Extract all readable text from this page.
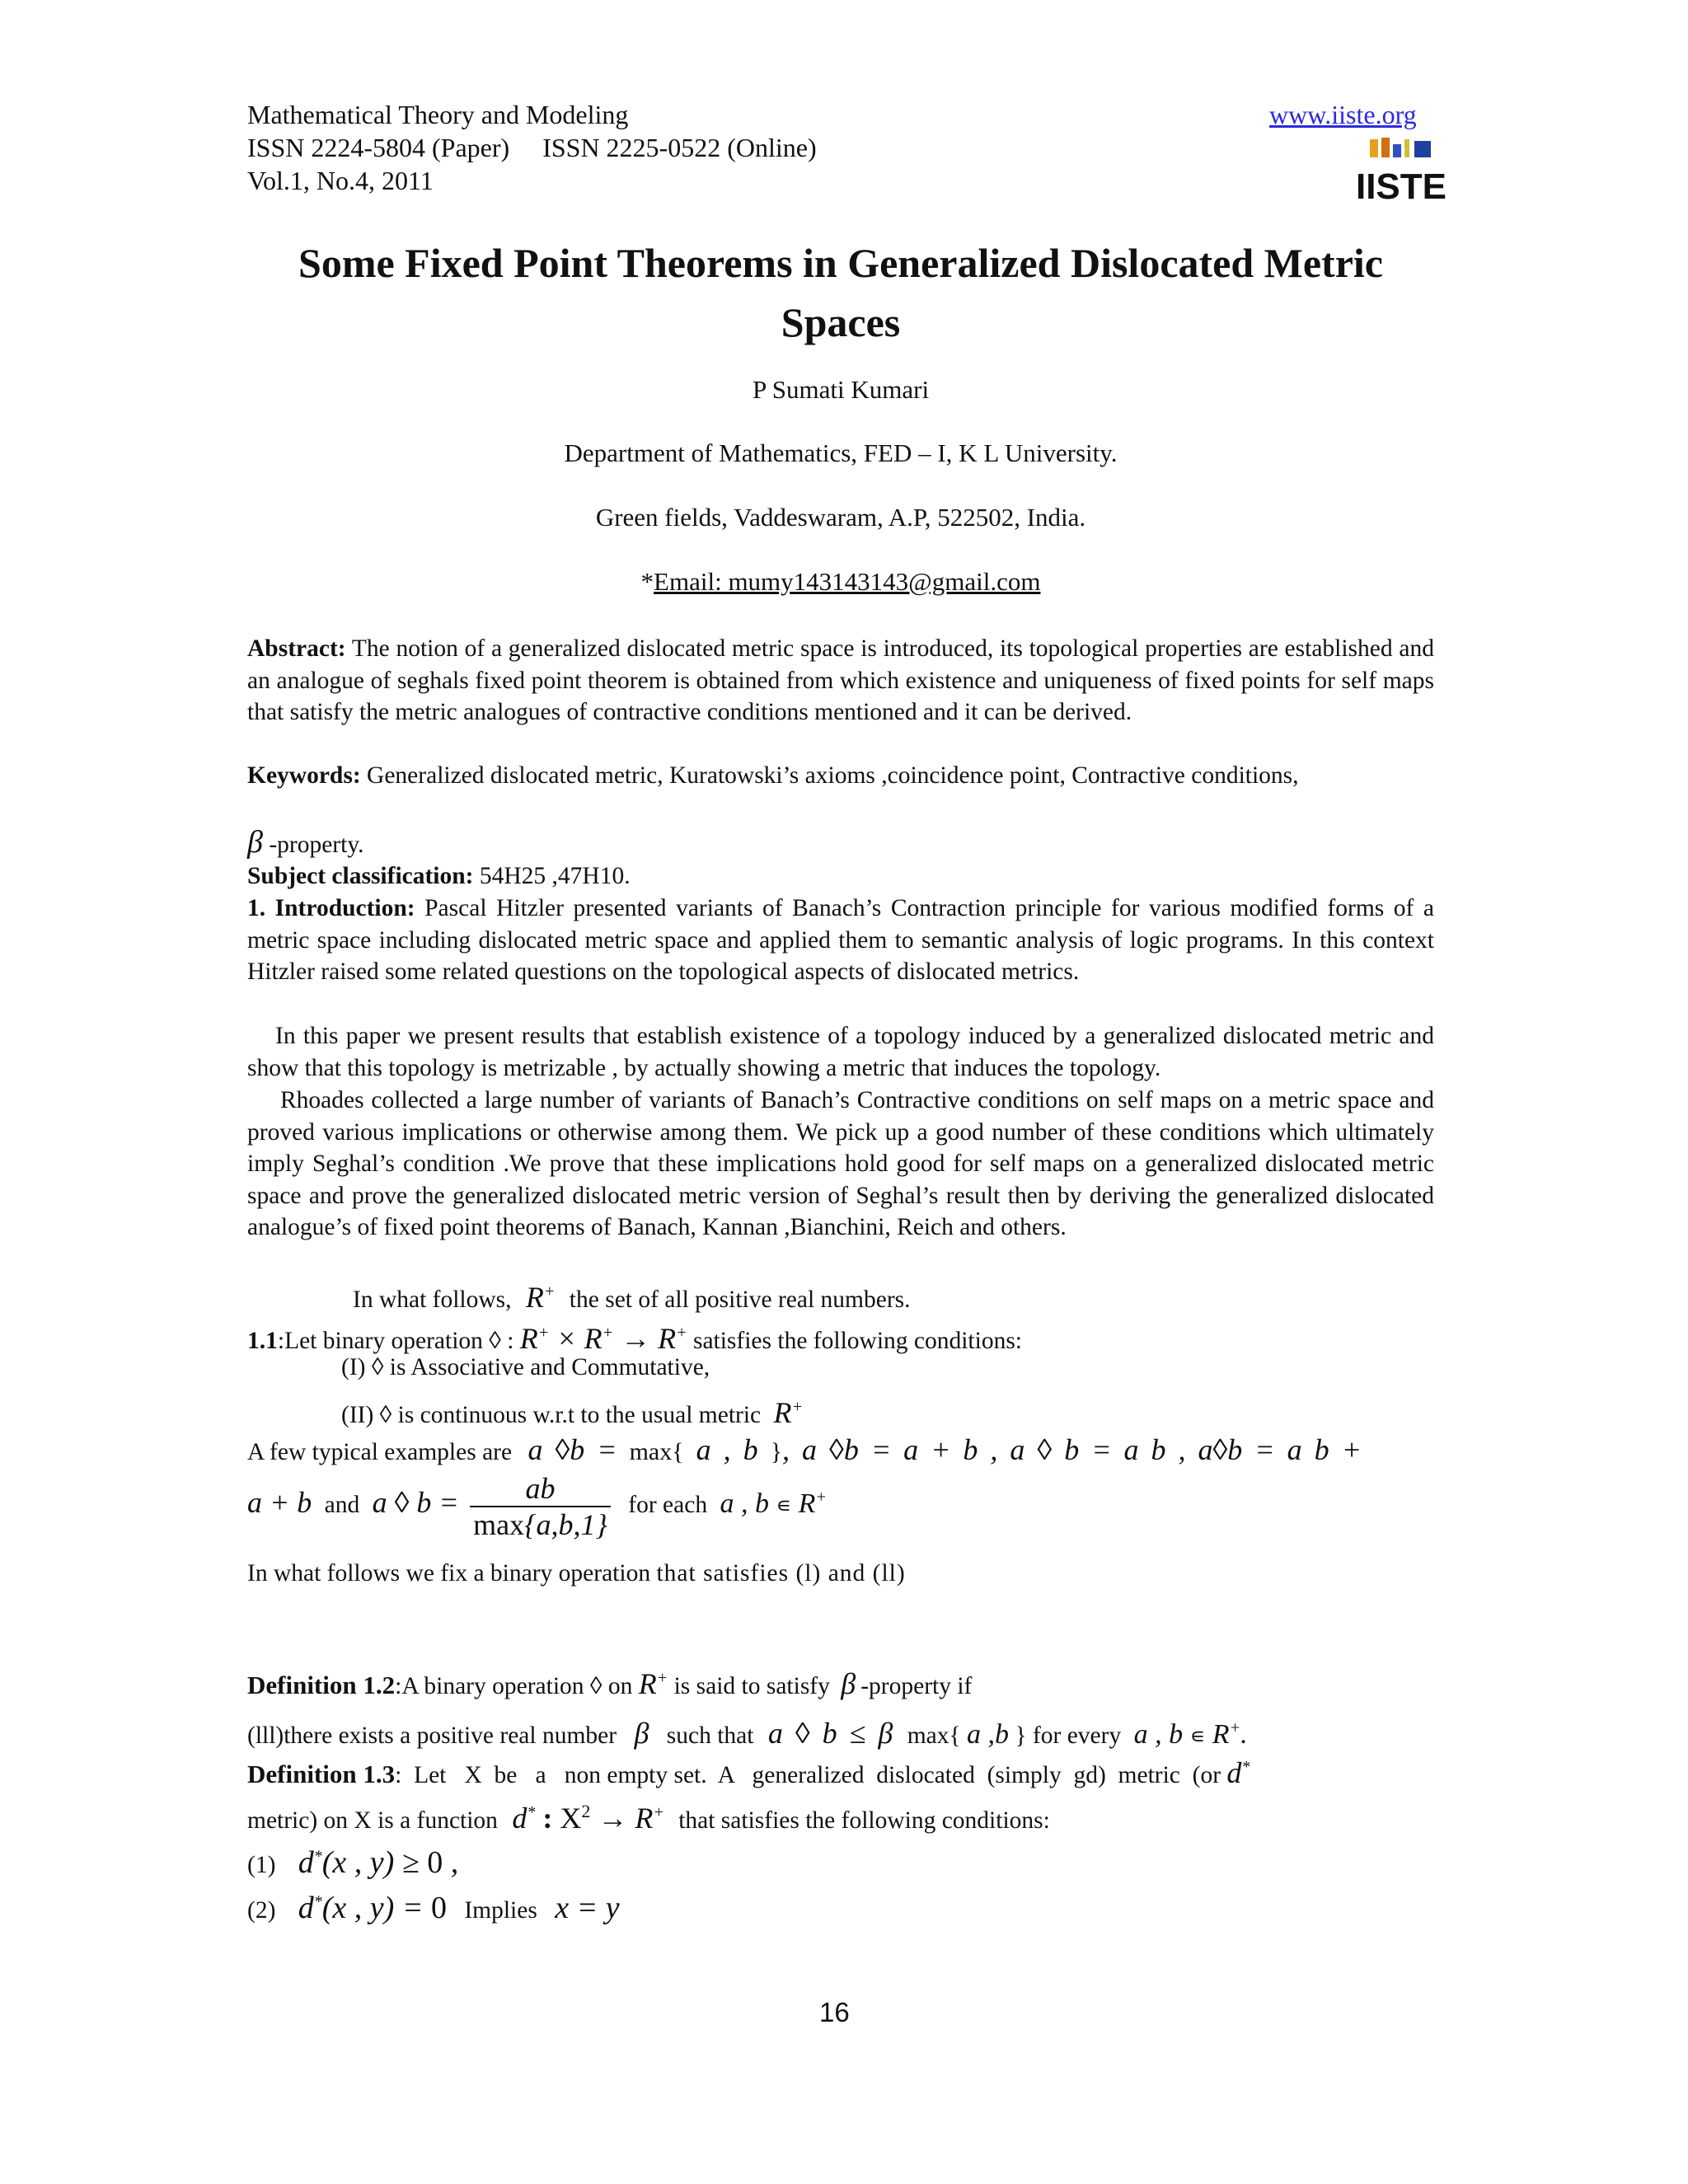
Mathematical Theory and Modeling
ISSN 2224-5804 (Paper)     ISSN 2225-0522 (Online)
Vol.1, No.4, 2011
www.iiste.org
IISTE
Some Fixed Point Theorems in Generalized Dislocated Metric
Spaces
P Sumati Kumari
Department of Mathematics, FED – I, K L University.
Green fields, Vaddeswaram, A.P, 522502, India.
*Email: mumy143143143@gmail.com
Abstract: The notion of a generalized dislocated metric space is introduced, its topological properties are established and an analogue of seghals fixed point theorem is obtained from which existence and uniqueness of fixed points for self maps that satisfy the metric analogues of contractive conditions mentioned and it can be derived.
Keywords: Generalized dislocated metric, Kuratowski’s axioms ,coincidence point, Contractive conditions,
β -property.
Subject classification: 54H25 ,47H10.
1. Introduction: Pascal Hitzler presented variants of Banach’s Contraction principle for various modified forms of a metric space including dislocated metric space and applied them to semantic analysis of logic programs. In this context Hitzler raised some related questions on the topological aspects of dislocated metrics.
In this paper we present results that establish existence of a topology induced by a generalized dislocated metric and show that this topology is metrizable , by actually showing a metric that induces the topology.
Rhoades collected a large number of variants of Banach’s Contractive conditions on self maps on a metric space and proved various implications or otherwise among them. We pick up a good number of these conditions which ultimately imply Seghal’s condition .We prove that these implications hold good for self maps on a generalized dislocated metric space and prove the generalized dislocated metric version of Seghal’s result then by deriving the generalized dislocated analogue’s of fixed point theorems of Banach, Kannan ,Bianchini, Reich and others.
In what follows, R+ the set of all positive real numbers.
1.1:Let binary operation ◊ : R+ × R+ → R+ satisfies the following conditions:
(I) ◊ is Associative and Commutative,
(II) ◊ is continuous w.r.t to the usual metric R+
A few typical examples are a ◊b = max{ a , b }, a ◊b = a + b , a ◊ b = a b , a◊b = a b +
a + b and a ◊ $b = \frac{ab}{\max\{a,b,1\}}$ for each a , b ∊ R+
In what follows we fix a binary operation that satisfies (l) and (ll)
Definition 1.2:A binary operation ◊ on R+ is said to satisfy β -property if
(lll)there exists a positive real number β such that a ◊ b ≤ β max{ a ,b } for every a , b ∊ R+.
Definition 1.3:  Let   X  be   a   non empty set.  A   generalized  dislocated  (simply  gd)  metric  (or d*
metric) on X is a function d* : $X^2 \to R^+$ that satisfies the following conditions:
(1) d*(x , y) ≥ 0 ,
(2) d*(x , y) = 0 Implies x = y
16
